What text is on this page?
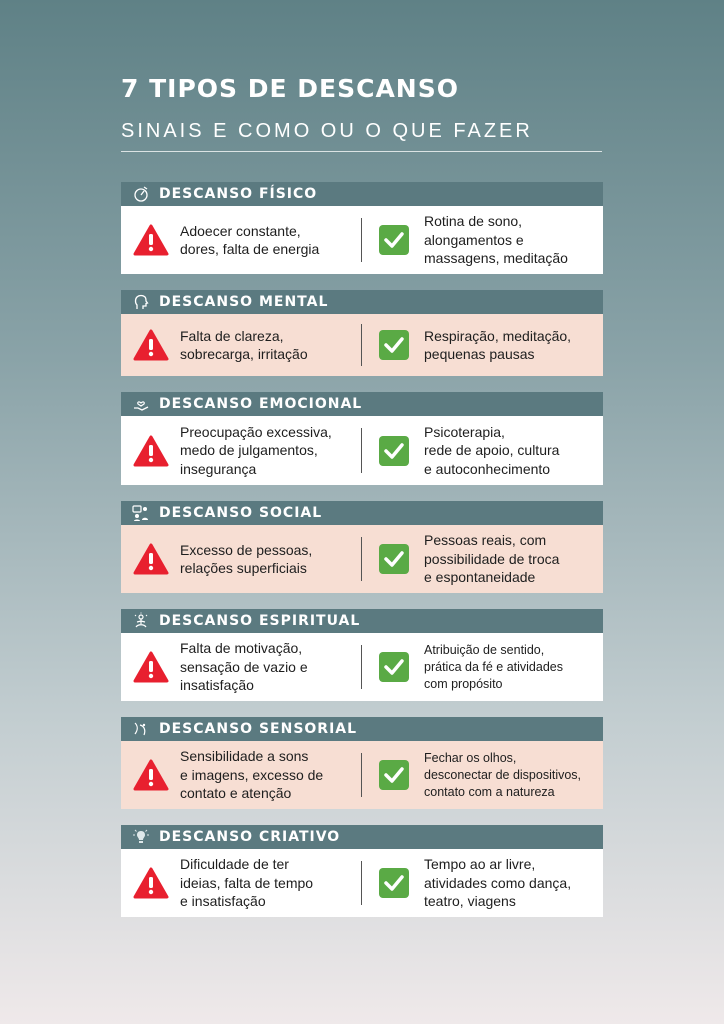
7 TIPOS DE DESCANSO

SINAIS E COMO OU O QUE FAZER

DESCANSO FÍSICO
Adoecer constante,
dores, falta de energia
Rotina de sono,
alongamentos e
massagens, meditação
DESCANSO MENTAL
Falta de clareza,
sobrecarga, irritação
Respiração, meditação,
pequenas pausas
DESCANSO EMOCIONAL
Preocupação excessiva,
medo de julgamentos,
insegurança
Psicoterapia,
rede de apoio, cultura
e autoconhecimento
DESCANSO SOCIAL
Excesso de pessoas,
relações superficiais
Pessoas reais, com
possibilidade de troca
e espontaneidade
DESCANSO ESPIRITUAL
Falta de motivação,
sensação de vazio e
insatisfação
Atribuição de sentido,
prática da fé e atividades
com propósito
DESCANSO SENSORIAL
Sensibilidade a sons
e imagens, excesso de
contato e atenção
Fechar os olhos,
desconectar de dispositivos,
contato com a natureza
DESCANSO CRIATIVO
Dificuldade de ter
ideias, falta de tempo
e insatisfação
Tempo ao ar livre,
atividades como dança,
teatro, viagens
